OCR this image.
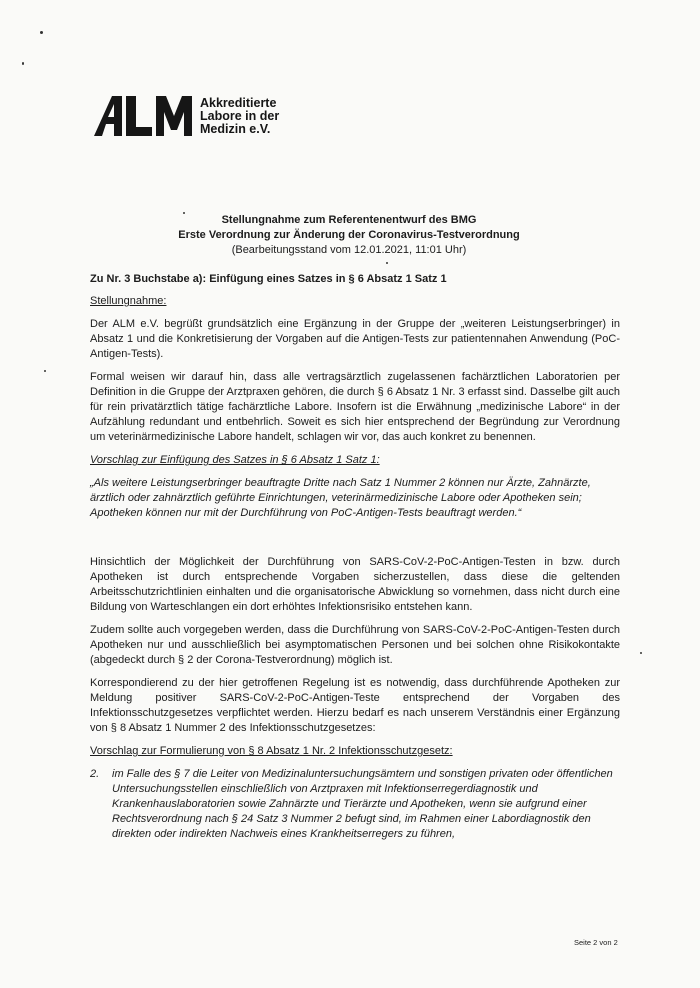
ALM	Akkreditierte
Labore in der
Medizin e.V.
Stellungnahme zum Referentenentwurf des BMG
Erste Verordnung zur Änderung der Coronavirus-Testverordnung
(Bearbeitungsstand vom 12.01.2021, 11:01 Uhr)
Zu Nr. 3 Buchstabe a): Einfügung eines Satzes in § 6 Absatz 1 Satz 1
Stellungnahme:

Der ALM e.V. begrüßt grundsätzlich eine Ergänzung in der Gruppe der „weiteren Leistungserbringer) in Absatz 1 und die Konkretisierung der Vorgaben auf die Antigen-Tests zur patientennahen Anwendung (PoC-Antigen-Tests).

Formal weisen wir darauf hin, dass alle vertragsärztlich zugelassenen fachärztlichen Laboratorien per Definition in die Gruppe der Arztpraxen gehören, die durch § 6 Absatz 1 Nr. 3 erfasst sind. Dasselbe gilt auch für rein privatärztlich tätige fachärztliche Labore. Insofern ist die Erwähnung „medizinische Labore“ in der Aufzählung redundant und entbehrlich. Soweit es sich hier entsprechend der Begründung zur Verordnung um veterinärmedizinische Labore handelt, schlagen wir vor, das auch konkret zu benennen.

Vorschlag zur Einfügung des Satzes in § 6 Absatz 1 Satz 1:

„Als weitere Leistungserbringer beauftragte Dritte nach Satz 1 Nummer 2 können nur Ärzte, Zahnärzte, ärztlich oder zahnärztlich geführte Einrichtungen, veterinärmedizinische Labore oder Apotheken sein; Apotheken können nur mit der Durchführung von PoC-Antigen-Tests beauftragt werden.“

Hinsichtlich der Möglichkeit der Durchführung von SARS-CoV-2-PoC-Antigen-Testen in bzw. durch Apotheken ist durch entsprechende Vorgaben sicherzustellen, dass diese die geltenden Arbeitsschutzrichtlinien einhalten und die organisatorische Abwicklung so vornehmen, dass nicht durch eine Bildung von Warteschlangen ein dort erhöhtes Infektionsrisiko entstehen kann.

Zudem sollte auch vorgegeben werden, dass die Durchführung von SARS-CoV-2-PoC-Antigen-Testen durch Apotheken nur und ausschließlich bei asymptomatischen Personen und bei solchen ohne Risikokontakte (abgedeckt durch § 2 der Corona-Testverordnung) möglich ist.

Korrespondierend zu der hier getroffenen Regelung ist es notwendig, dass durchführende Apotheken zur Meldung positiver SARS-CoV-2-PoC-Antigen-Teste entsprechend der Vorgaben des Infektionsschutzgesetzes verpflichtet werden. Hierzu bedarf es nach unserem Verständnis einer Ergänzung von § 8 Absatz 1 Nummer 2 des Infektionsschutzgesetzes:

Vorschlag zur Formulierung von § 8 Absatz 1 Nr. 2 Infektionsschutzgesetz:
2.	im Falle des § 7 die Leiter von Medizinaluntersuchungsämtern und sonstigen privaten oder öffentlichen Untersuchungsstellen einschließlich von Arztpraxen mit Infektionserregerdiagnostik und Krankenhauslaboratorien sowie Zahnärzte und Tierärzte und Apotheken, wenn sie aufgrund einer Rechtsverordnung nach § 24 Satz 3 Nummer 2 befugt sind, im Rahmen einer Labordiagnostik den direkten oder indirekten Nachweis eines Krankheitserregers zu führen,
Seite 2 von 2
